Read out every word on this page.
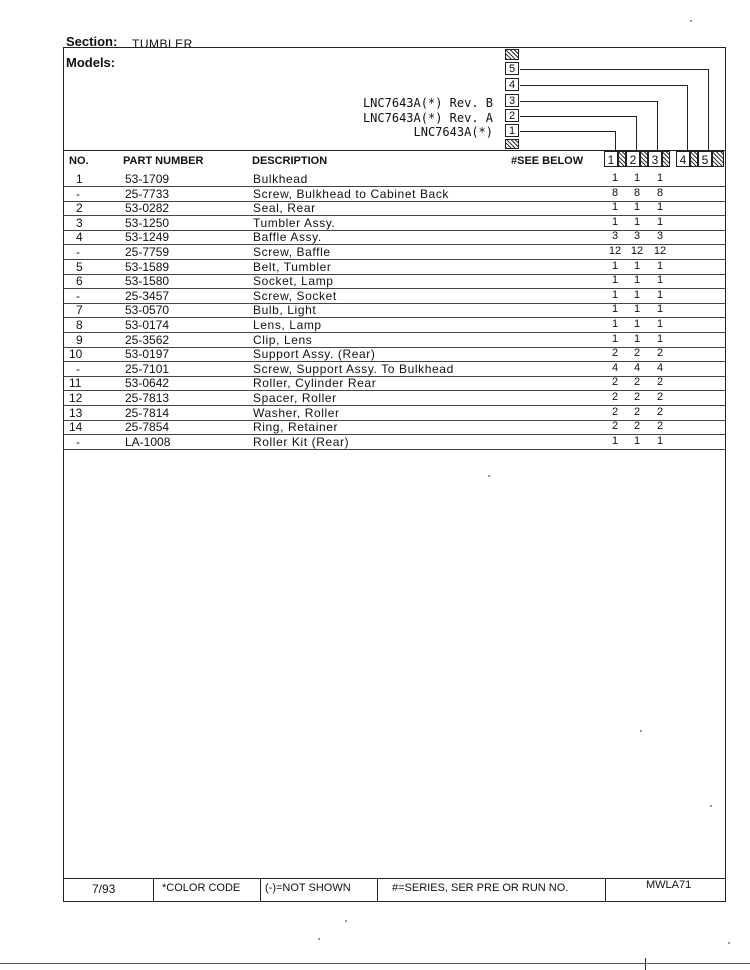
Section: TUMBLER
Models:
LNC7643A(*) Rev. B
LNC7643A(*) Rev. A
LNC7643A(*)
5
4
3
2
1
NO.	PART NUMBER	DESCRIPTION	#SEE BELOW	1	2	3	4	5
1	53-1709	Bulkhead	1	1	1
-	25-7733	Screw, Bulkhead to Cabinet Back	8	8	8
2	53-0282	Seal, Rear	1	1	1
3	53-1250	Tumbler Assy.	1	1	1
4	53-1249	Baffle Assy.	3	3	3
-	25-7759	Screw, Baffle	12 12 12
5	53-1589	Belt, Tumbler	1	1	1
6	53-1580	Socket, Lamp	1	1	1
-	25-3457	Screw, Socket	1	1	1
7	53-0570	Bulb, Light	1	1	1
8	53-0174	Lens, Lamp	1	1	1
9	25-3562	Clip, Lens	1	1	1
10	53-0197	Support Assy. (Rear)	2	2	2
-	25-7101	Screw, Support Assy. To Bulkhead	4	4	4
11	53-0642	Roller, Cylinder Rear	2	2	2
12	25-7813	Spacer, Roller	2	2	2
13	25-7814	Washer, Roller	2	2	2
14	25-7854	Ring, Retainer	2	2	2
-	LA-1008	Roller Kit (Rear)	1	1	1
7/93	*COLOR CODE (-)=NOT SHOWN	#=SERIES, SER PRE OR RUN NO.	MWLA71
